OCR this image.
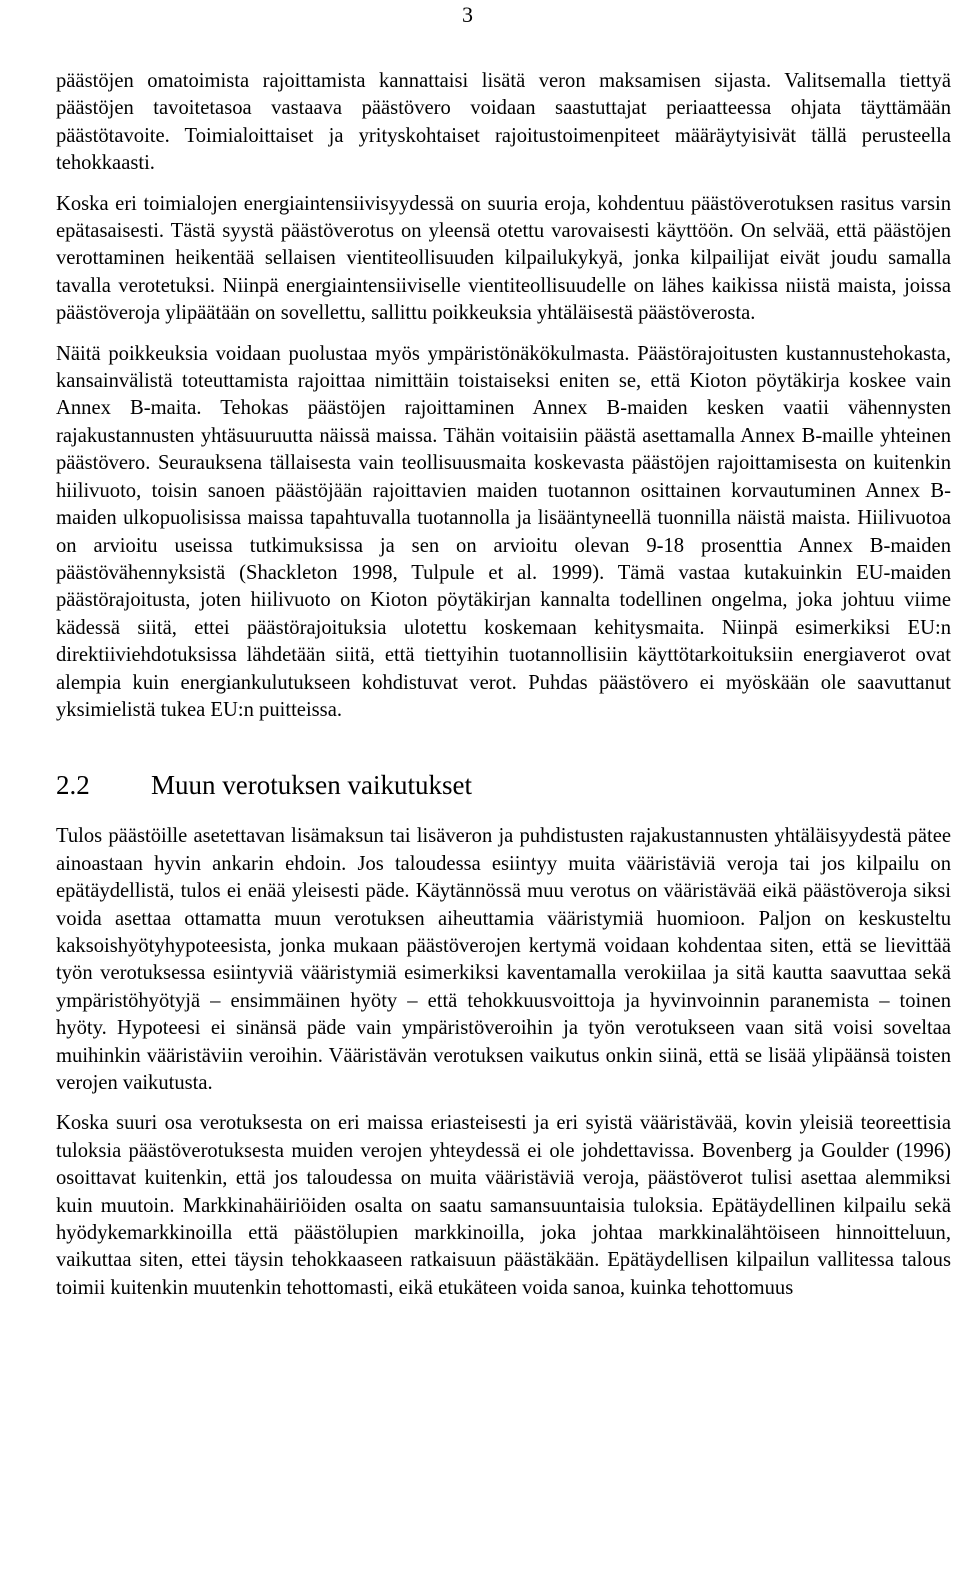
3

päästöjen omatoimista rajoittamista kannattaisi lisätä veron maksamisen sijasta. Valitsemalla tiettyä päästöjen tavoitetasoa vastaava päästövero voidaan saastuttajat periaatteessa ohjata täyttämään päästötavoite. Toimialoittaiset ja yrityskohtaiset rajoitustoimenpiteet määräytyisivät tällä perusteella tehokkaasti.

Koska eri toimialojen energiaintensiivisyydessä on suuria eroja, kohdentuu päästöverotuksen rasitus varsin epätasaisesti. Tästä syystä päästöverotus on yleensä otettu varovaisesti käyttöön. On selvää, että päästöjen verottaminen heikentää sellaisen vientiteollisuuden kilpailukykyä, jonka kilpailijat eivät joudu samalla tavalla verotetuksi. Niinpä energiaintensiiviselle vientiteollisuudelle on lähes kaikissa niistä maista, joissa päästöveroja ylipäätään on sovellettu, sallittu poikkeuksia yhtäläisestä päästöverosta.

Näitä poikkeuksia voidaan puolustaa myös ympäristönäkökulmasta. Päästörajoitusten kustannustehokasta, kansainvälistä toteuttamista rajoittaa nimittäin toistaiseksi eniten se, että Kioton pöytäkirja koskee vain Annex B-maita. Tehokas päästöjen rajoittaminen Annex B-maiden kesken vaatii vähennysten rajakustannusten yhtäsuuruutta näissä maissa. Tähän voitaisiin päästä asettamalla Annex B-maille yhteinen päästövero. Seurauksena tällaisesta vain teollisuusmaita koskevasta päästöjen rajoittamisesta on kuitenkin hiilivuoto, toisin sanoen päästöjään rajoittavien maiden tuotannon osittainen korvautuminen Annex B-maiden ulkopuolisissa maissa tapahtuvalla tuotannolla ja lisääntyneellä tuonnilla näistä maista. Hiilivuotoa on arvioitu useissa tutkimuksissa ja sen on arvioitu olevan 9-18 prosenttia Annex B-maiden päästövähennyksistä (Shackleton 1998, Tulpule et al. 1999). Tämä vastaa kutakuinkin EU-maiden päästörajoitusta, joten hiilivuoto on Kioton pöytäkirjan kannalta todellinen ongelma, joka johtuu viime kädessä siitä, ettei päästörajoituksia ulotettu koskemaan kehitysmaita. Niinpä esimerkiksi EU:n direktiiviehdotuksissa lähdetään siitä, että tiettyihin tuotannollisiin käyttötarkoituksiin energiaverot ovat alempia kuin energiankulutukseen kohdistuvat verot. Puhdas päästövero ei myöskään ole saavuttanut yksimielistä tukea EU:n puitteissa.

2.2	Muun verotuksen vaikutukset

Tulos päästöille asetettavan lisämaksun tai lisäveron ja puhdistusten rajakustannusten yhtäläisyydestä pätee ainoastaan hyvin ankarin ehdoin. Jos taloudessa esiintyy muita vääristäviä veroja tai jos kilpailu on epätäydellistä, tulos ei enää yleisesti päde. Käytännössä muu verotus on vääristävää eikä päästöveroja siksi voida asettaa ottamatta muun verotuksen aiheuttamia vääristymiä huomioon. Paljon on keskusteltu kaksoishyötyhypoteesista, jonka mukaan päästöverojen kertymä voidaan kohdentaa siten, että se lievittää työn verotuksessa esiintyviä vääristymiä esimerkiksi kaventamalla verokiilaa ja sitä kautta saavuttaa sekä ympäristöhyötyjä – ensimmäinen hyöty – että tehokkuusvoittoja ja hyvinvoinnin paranemista – toinen hyöty. Hypoteesi ei sinänsä päde vain ympäristöveroihin ja työn verotukseen vaan sitä voisi soveltaa muihinkin vääristäviin veroihin. Vääristävän verotuksen vaikutus onkin siinä, että se lisää ylipäänsä toisten verojen vaikutusta.

Koska suuri osa verotuksesta on eri maissa eriasteisesti ja eri syistä vääristävää, kovin yleisiä teoreettisia tuloksia päästöverotuksesta muiden verojen yhteydessä ei ole johdettavissa. Bovenberg ja Goulder (1996) osoittavat kuitenkin, että jos taloudessa on muita vääristäviä veroja, päästöverot tulisi asettaa alemmiksi kuin muutoin. Markkinahäiriöiden osalta on saatu samansuuntaisia tuloksia. Epätäydellinen kilpailu sekä hyödykemarkkinoilla että päästölupien markkinoilla, joka johtaa markkinalähtöiseen hinnoitteluun, vaikuttaa siten, ettei täysin tehokkaaseen ratkaisuun päästäkään. Epätäydellisen kilpailun vallitessa talous toimii kuitenkin muutenkin tehottomasti, eikä etukäteen voida sanoa, kuinka tehottomuus
